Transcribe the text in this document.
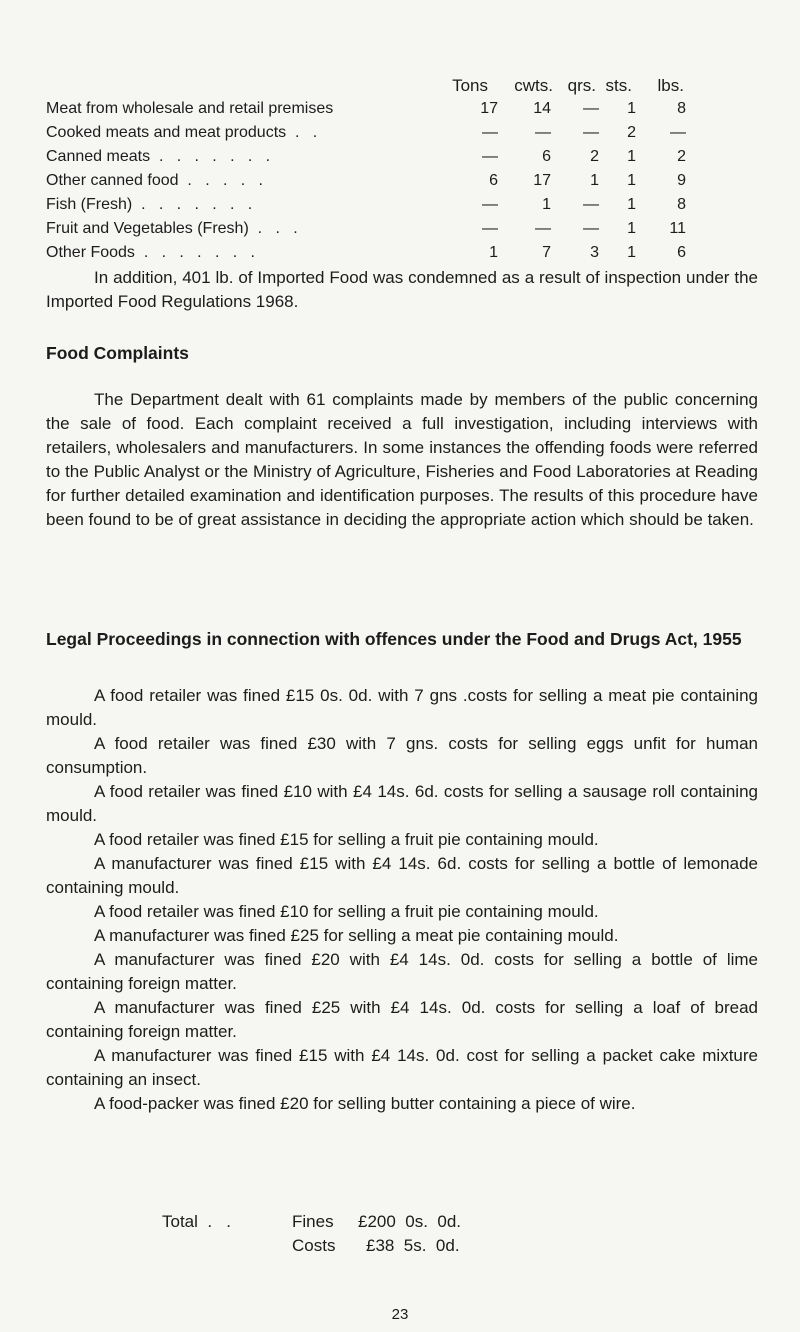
Tons	cwts. qrs. sts.	lbs.
Meat from wholesale and retail premises	17	14	—	1	8
Cooked meats and meat products  .   .	—	—	—	2	—
Canned meats  .   .   .   .   .   .   .	—	6	2	1	2
Other canned food  .   .   .   .   .	6	17	1	1	9
Fish (Fresh)  .   .   .   .   .   .   .	—	1	—	1	8
Fruit and Vegetables (Fresh)  .   .   .	—	—	—	1	11
Other Foods  .   .   .   .   .   .   .	1	7	3	1	6

In addition, 401 lb. of Imported Food was condemned as a result of inspection under the Imported Food Regulations 1968.

Food Complaints

The Department dealt with 61 complaints made by members of the public concerning the sale of food. Each complaint received a full investigation, including interviews with retailers, wholesalers and manufacturers. In some instances the offending foods were referred to the Public Analyst or the Ministry of Agriculture, Fisheries and Food Laboratories at Reading for further detailed examination and identification purposes. The results of this procedure have been found to be of great assistance in deciding the appropriate action which should be taken.

Legal Proceedings in connection with offences under the Food and Drugs Act, 1955

A food retailer was fined £15 0s. 0d. with 7 gns .costs for selling a meat pie containing mould.

A food retailer was fined £30 with 7 gns. costs for selling eggs unfit for human consumption.

A food retailer was fined £10 with £4 14s. 6d. costs for selling a sausage roll containing mould.

A food retailer was fined £15 for selling a fruit pie containing mould.

A manufacturer was fined £15 with £4 14s. 6d. costs for selling a bottle of lemonade containing mould.

A food retailer was fined £10 for selling a fruit pie containing mould.

A manufacturer was fined £25 for selling a meat pie containing mould.

A manufacturer was fined £20 with £4 14s. 0d. costs for selling a bottle of lime containing foreign matter.

A manufacturer was fined £25 with £4 14s. 0d. costs for selling a loaf of bread containing foreign matter.

A manufacturer was fined £15 with £4 14s. 0d. cost for selling a packet cake mixture containing an insect.

A food-packer was fined £20 for selling butter containing a piece of wire.

Total  .   .	Fines £200  0s.  0d.
Costs £38  5s.  0d.
23
